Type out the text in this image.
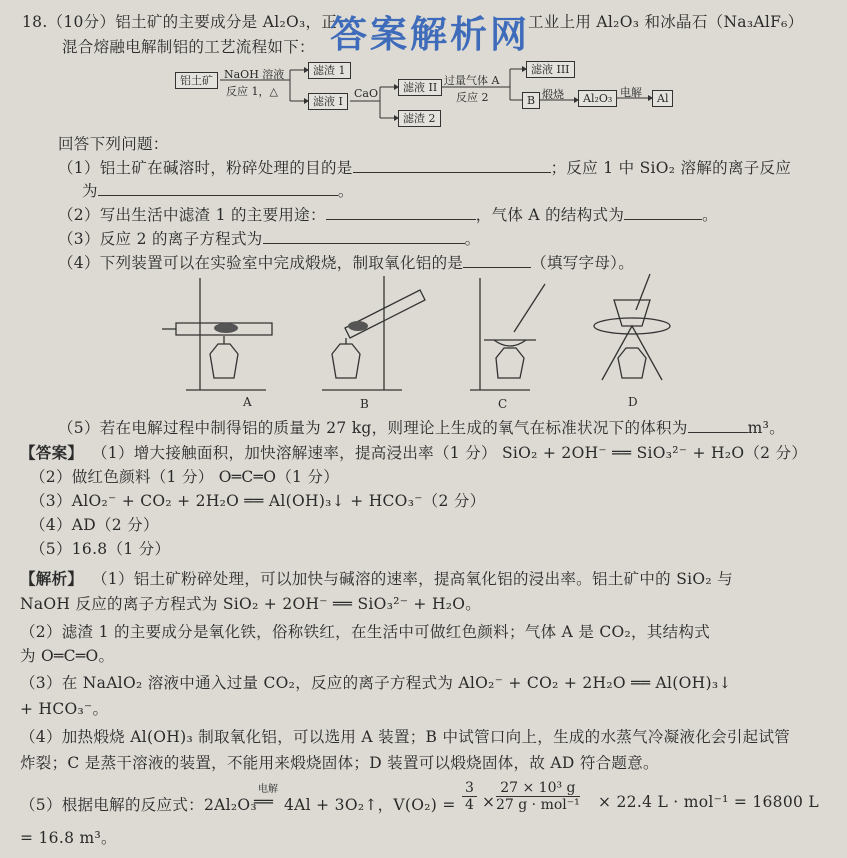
18.（10分）铝土矿的主要成分是 Al₂O₃，正
答案解析网
工业上用 Al₂O₃ 和冰晶石（Na₃AlF₆）
混合熔融电解制铝的工艺流程如下：
铝土矿	NaOH 溶液
反应 1，△
滤渣 1
滤液 I
CaO	滤液 II
滤渣 2
过量气体 A
反应 2
滤液 III
B 煅烧	Al₂O₃ 电解	Al
回答下列问题：
（1）铝土矿在碱溶时，粉碎处理的目的是	；反应 1 中 SiO₂ 溶解的离子反应
为	。
（2）写出生活中滤渣 1 的主要用途：	，气体 A 的结构式为	。
（3）反应 2 的离子方程式为	。
（4）下列装置可以在实验室中完成煅烧，制取氧化铝的是	（填写字母）。
A	B	C	D
（5）若在电解过程中制得铝的质量为 27 kg，则理论上生成的氧气在标准状况下的体积为	m³。
【答案】 （1）增大接触面积，加快溶解速率，提高浸出率（1 分） SiO₂ + 2OH⁻ ══ SiO₃²⁻ + H₂O（2 分）
（2）做红色颜料（1 分） O═C═O（1 分）
（3）AlO₂⁻ + CO₂ + 2H₂O ══ Al(OH)₃↓ + HCO₃⁻（2 分）
（4）AD（2 分）
（5）16.8（1 分）
【解析】 （1）铝土矿粉碎处理，可以加快与碱溶的速率，提高氧化铝的浸出率。铝土矿中的 SiO₂ 与
NaOH 反应的离子方程式为 SiO₂ + 2OH⁻ ══ SiO₃²⁻ + H₂O。
（2）滤渣 1 的主要成分是氧化铁，俗称铁红，在生活中可做红色颜料；气体 A 是 CO₂，其结构式
为 O═C═O。
（3）在 NaAlO₂ 溶液中通入过量 CO₂，反应的离子方程式为 AlO₂⁻ + CO₂ + 2H₂O ══ Al(OH)₃↓
+ HCO₃⁻。
（4）加热煅烧 Al(OH)₃ 制取氧化铝，可以选用 A 装置；B 中试管口向上，生成的水蒸气冷凝液化会引起试管
炸裂；C 是蒸干溶液的装置，不能用来煅烧固体；D 装置可以煅烧固体，故 AD 符合题意。
（5）根据电解的反应式：2Al₂O₃
电解
══ 4Al + 3O₂↑，$V(O_2) = \frac{3}{4}$ ×
27 × 10³ g
27 g · mol⁻¹ × 22.4 L · mol⁻¹ = 16800 L
= 16.8 m³。
